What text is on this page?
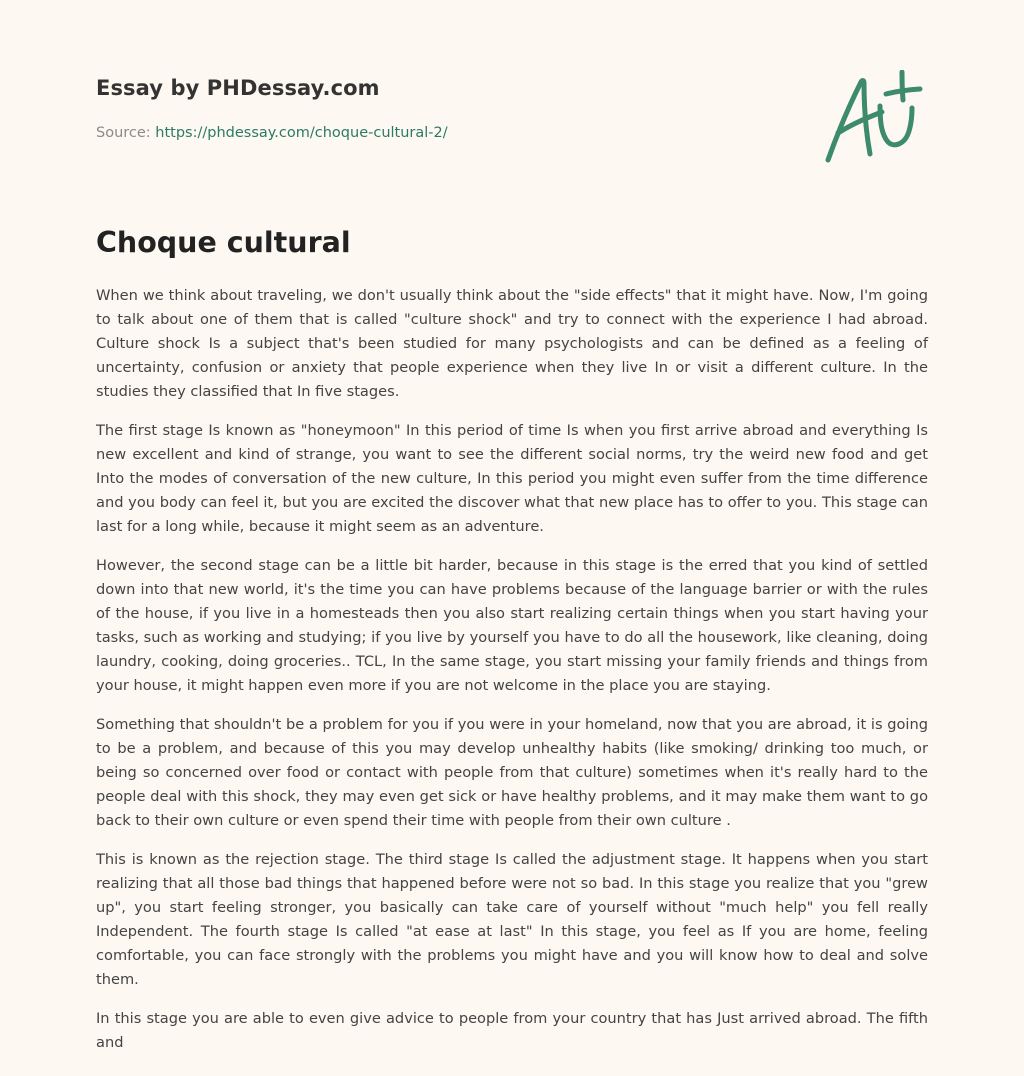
Essay by PHDessay.com
Source: https://phdessay.com/choque-cultural-2/
Choque cultural

When we think about traveling, we don't usually think about the "side effects" that it might have. Now, I'm going to talk about one of them that is called "culture shock" and try to connect with the experience I had abroad. Culture shock Is a subject that's been studied for many psychologists and can be defined as a feeling of uncertainty, confusion or anxiety that people experience when they live In or visit a different culture. In the studies they classified that In five stages.

The first stage Is known as "honeymoon" In this period of time Is when you first arrive abroad and everything Is new excellent and kind of strange, you want to see the different social norms, try the weird new food and get Into the modes of conversation of the new culture, In this period you might even suffer from the time difference and you body can feel it, but you are excited the discover what that new place has to offer to you. This stage can last for a long while, because it might seem as an adventure.

However, the second stage can be a little bit harder, because in this stage is the erred that you kind of settled down into that new world, it's the time you can have problems because of the language barrier or with the rules of the house, if you live in a homesteads then you also start realizing certain things when you start having your tasks, such as working and studying; if you live by yourself you have to do all the housework, like cleaning, doing laundry, cooking, doing groceries.. TCL, In the same stage, you start missing your family friends and things from your house, it might happen even more if you are not welcome in the place you are staying.

Something that shouldn't be a problem for you if you were in your homeland, now that you are abroad, it is going to be a problem, and because of this you may develop unhealthy habits (like smoking/ drinking too much, or being so concerned over food or contact with people from that culture) sometimes when it's really hard to the people deal with this shock, they may even get sick or have healthy problems, and it may make them want to go back to their own culture or even spend their time with people from their own culture .

This is known as the rejection stage. The third stage Is called the adjustment stage. It happens when you start realizing that all those bad things that happened before were not so bad. In this stage you realize that you "grew up", you start feeling stronger, you basically can take care of yourself without "much help" you fell really Independent. The fourth stage Is called "at ease at last" In this stage, you feel as If you are home, feeling comfortable, you can face strongly with the problems you might have and you will know how to deal and solve them.

In this stage you are able to even give advice to people from your country that has Just arrived abroad. The fifth and
